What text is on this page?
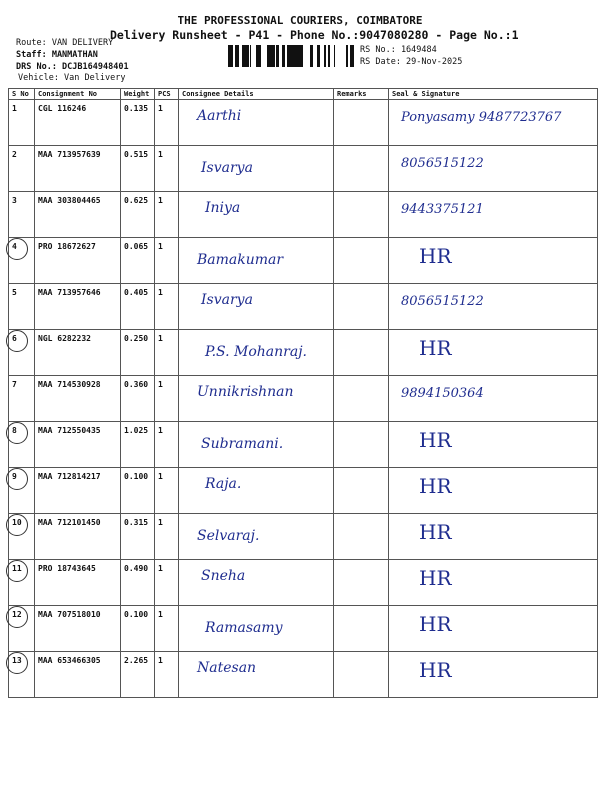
THE PROFESSIONAL COURIERS, COIMBATORE
Delivery Runsheet - P41 - Phone No.:9047080280 - Page No.:1
Route: VAN DELIVERY
Staff: MANMATHAN
DRS No.: DCJB164948401
Vehicle: Van Delivery
RS No.: 1649484
RS Date: 29-Nov-2025
S No	Consignment No	Weight	PCS	Consignee Details	Remarks	Seal & Signature
1	CGL 116246	0.135	1	Aarthi		Ponyasamy 9487723767

2	MAA 713957639	0.515	1	Isvarya		8056515122

3	MAA 303804465	0.625	1	Iniya		9443375121

4	PRO 18672627	0.065	1	Bamakumar		HR

5	MAA 713957646	0.405	1	Isvarya		8056515122

6	NGL 6282232	0.250	1	P.S. Mohanraj.		HR

7	MAA 714530928	0.360	1	Unnikrishnan		9894150364

8	MAA 712550435	1.025	1	Subramani.		HR

9	MAA 712814217	0.100	1	Raja.		HR

10	MAA 712101450	0.315	1	Selvaraj.		HR

11	PRO 18743645	0.490	1	Sneha		HR

12	MAA 707518010	0.100	1	Ramasamy		HR

13	MAA 653466305	2.265	1	Natesan		HR
